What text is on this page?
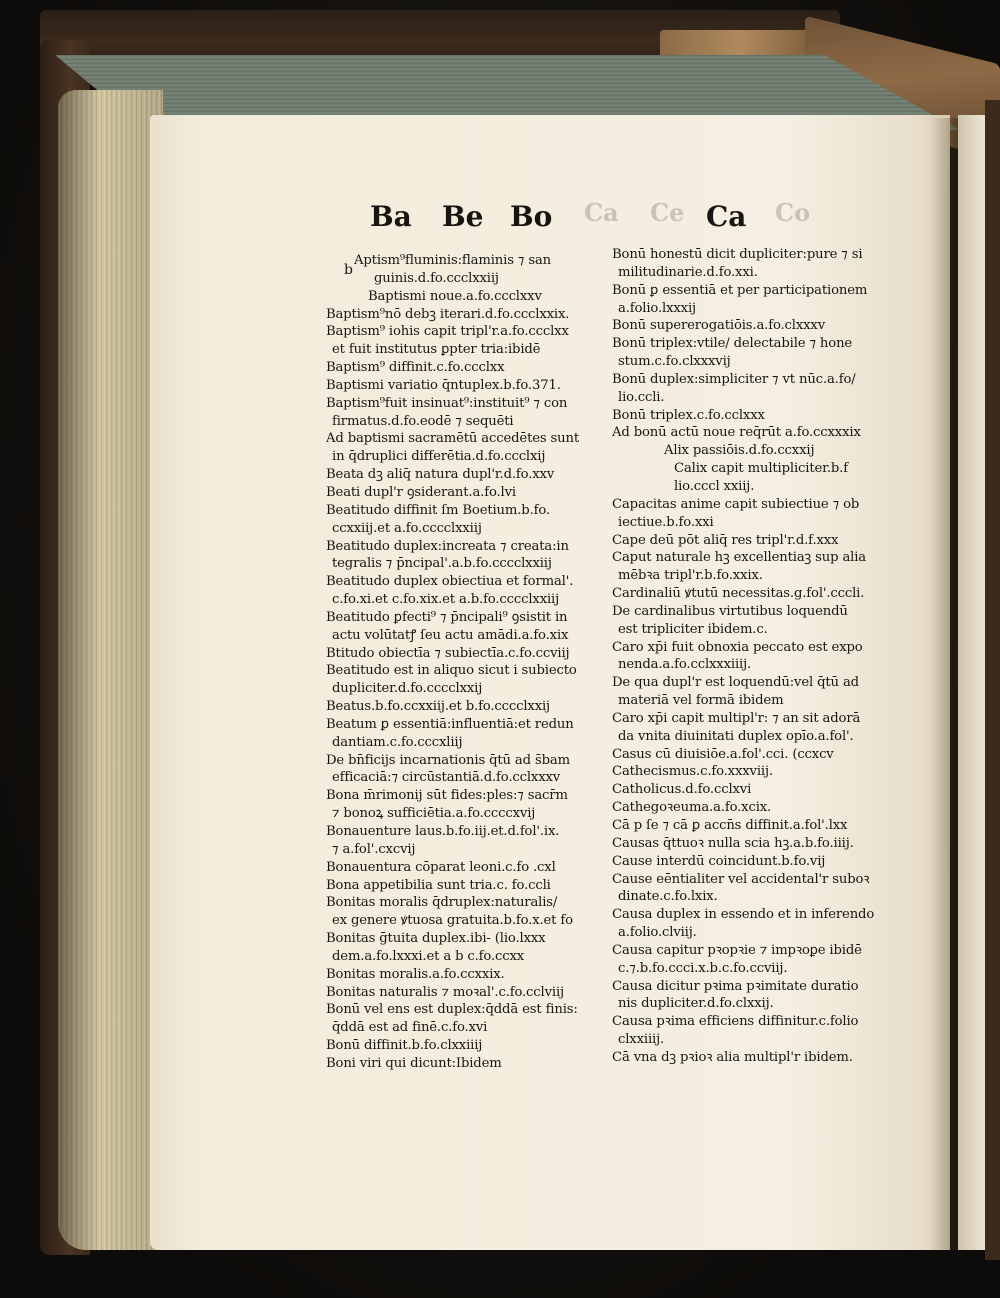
Ba Be Bo Ca Ce Ca Co
b
Aptism⁹fluminis:flaminis ⁊ san
guinis.d.fo.ccclxxiij
Baptismi noue.a.fo.cccl̄xxv
Baptism⁹nō debꝫ iterari.d.fo.ccclxxix.
Baptism⁹ iohis capit̄ tripl'r.a.fo.ccclxx
et fuit institutus ꝑpter tria:ibidē
Baptism⁹ diffinit̄.c.fo.ccclxx
Baptismi variatio q̄ntuplex.b.fo.371.
Baptism⁹fuit insinuat⁹:instituit⁹ ⁊ con
firmatus.d.fo.eodē ⁊ sequēti
Ad baptismi sacramētū accedētes sunt
in q̄druplici differētia.d.fo.ccclxij
Beata dꝫ aliq̄ natura dupl'r.d.fo.xxv
Beati dupl'r ꝯsiderant̄.a.fo.lvi
Beatitudo diffinit̄ ſm Boetium.b.fo.
ccxxiij.et a.fo.cccclxxiij
Beatitudo duplex:increata ⁊ creata:in
tegralis ⁊ p̄ncipal'.a.b.fo.cccclxxiij
Beatitudo duplex obiectiua et formal'.
c.fo.xi.et c.fo.xix.et a.b.fo.cccclxxiij
Beatitudo ꝑfecti⁹ ⁊ p̄ncipali⁹ ꝯsistit in
actu volūtatꝭ ſeu actu amādi.a.fo.xix
Btitudo obiectīa ⁊ subiectīa.c.fo.ccviij
Beatitudo est in aliquo sicut i subiecto
dupliciter.d.fo.cccclxxij
Beatus.b.fo.ccxxiij.et b.fo.cccclxxij
Beatum ꝑ essentiā:influentiā:et redun
dantiam.c.fo.cccxliij
De bn̄ficijs incarnationis q̄tū ad s̄bam
efficaciā:⁊ circūstantiā.d.fo.cclxxxv
Bona m̄rimonij sūt fides:ples:⁊ sacr̄m
⁊ bonoꝝ sufficiētia.a.fo.ccccxvij
Bonauenture laus.b.fo.iij.et.d.fol'.ix.
⁊ a.fol'.cxcvij
Bonauentura cōparat̄ leoni.c.fo .cxl
Bona appetibilia sunt tria.c. fo.ccli
Bonitas moralis q̄druplex:naturalis/
ex genere ꝟtuosa gratuita.b.fo.x.et fo
Bonitas ḡtuita duplex.ibi- (lio.lxxx
dem.a.fo.lxxxi.et a b c.fo.ccxx
Bonitas moralis.a.fo.ccxxix.
Bonitas naturalis ⁊ moꝛal'.c.fo.cclviij
Bonū vel ens est duplex:q̄ddā est finis:
q̄ddā est ad finē.c.fo.xvi
Bonū diffinit̄.b.fo.clxxiiij
Boni viri qui dicunt̄:Ibidem
Bonū honestū dicit̄ dupliciter:pure ⁊ si
militudinarie.d.fo.xxi.
Bonū ꝑ essentiā et per participationem
a.folio.lxxxij
Bonū supererogatiōis.a.fo.clxxxv
Bonū triplex:vtile/ delectabile ⁊ hone
stum.c.fo.clxxxvij
Bonū duplex:simpliciter ⁊ vt nūc.a.fo/
lio.ccli.
Bonū triplex.c.fo.cclxxx
Ad bonū actū noue req̄rūt̄ a.fo.ccxxxix
Alix passiōis.d.fo.ccxxij
Calix capit̄ multipliciter.b.f
lio.cccl xxiij.
Capacitas anime capit̄ subiectiue ⁊ ob
iectiue.b.fo.xxi
Cape deū pōt aliq̄ res tripl'r.d.f.xxx
Caput naturale hꝫ excellentiaꝫ sup alia
mēbꝛa tripl'r.b.fo.xxix.
Cardinaliū ꝟtutū necessitas.g.fol'.cccli.
De cardinalibus virtutibus loquendū
est tripliciter ibidem.c.
Caro xp̄i fuit obnoxia peccato est expo
nenda.a.fo.cclxxxiiij.
De qua dupl'r est loquendū:vel q̄tū ad
materiā vel formā ibidem
Caro xp̄i capit̄ multipl'r: ⁊ an sit adorā
da vnita diuinitati duplex opīo.a.fol'.
Casus cū diuisiōe.a.fol'.cci. (ccxcv
Cathecismus.c.fo.xxxviij.
Catholicus.d.fo.cclxvi
Cathegoꝛeuma.a.fo.xcix.
Cā p ſe ⁊ cā ꝑ accn̄s diffinit̄.a.fol'.lxx
Causas q̄ttuoꝛ nulla scia hꝫ.a.b.fo.iiij.
Cause interdū coincidunt.b.fo.vij
Cause eēntialiter vel accidental'r suboꝛ
dinate.c.fo.lxix.
Causa duplex in essendo et in inferendo
a.folio.clviij.
Causa capitur pꝛopꝛie ⁊ impꝛoꝑe ibidē
c.⁊.b.fo.ccci.x.b.c.fo.ccviij.
Causa dicitur pꝛima pꝛimitate duratio
nis dupliciter.d.fo.clxxij.
Causa pꝛima efficiens diffinitur.c.folio
clxxiiij.
Cā vna dꝫ pꝛioꝛ alia multipl'r ibidem.
